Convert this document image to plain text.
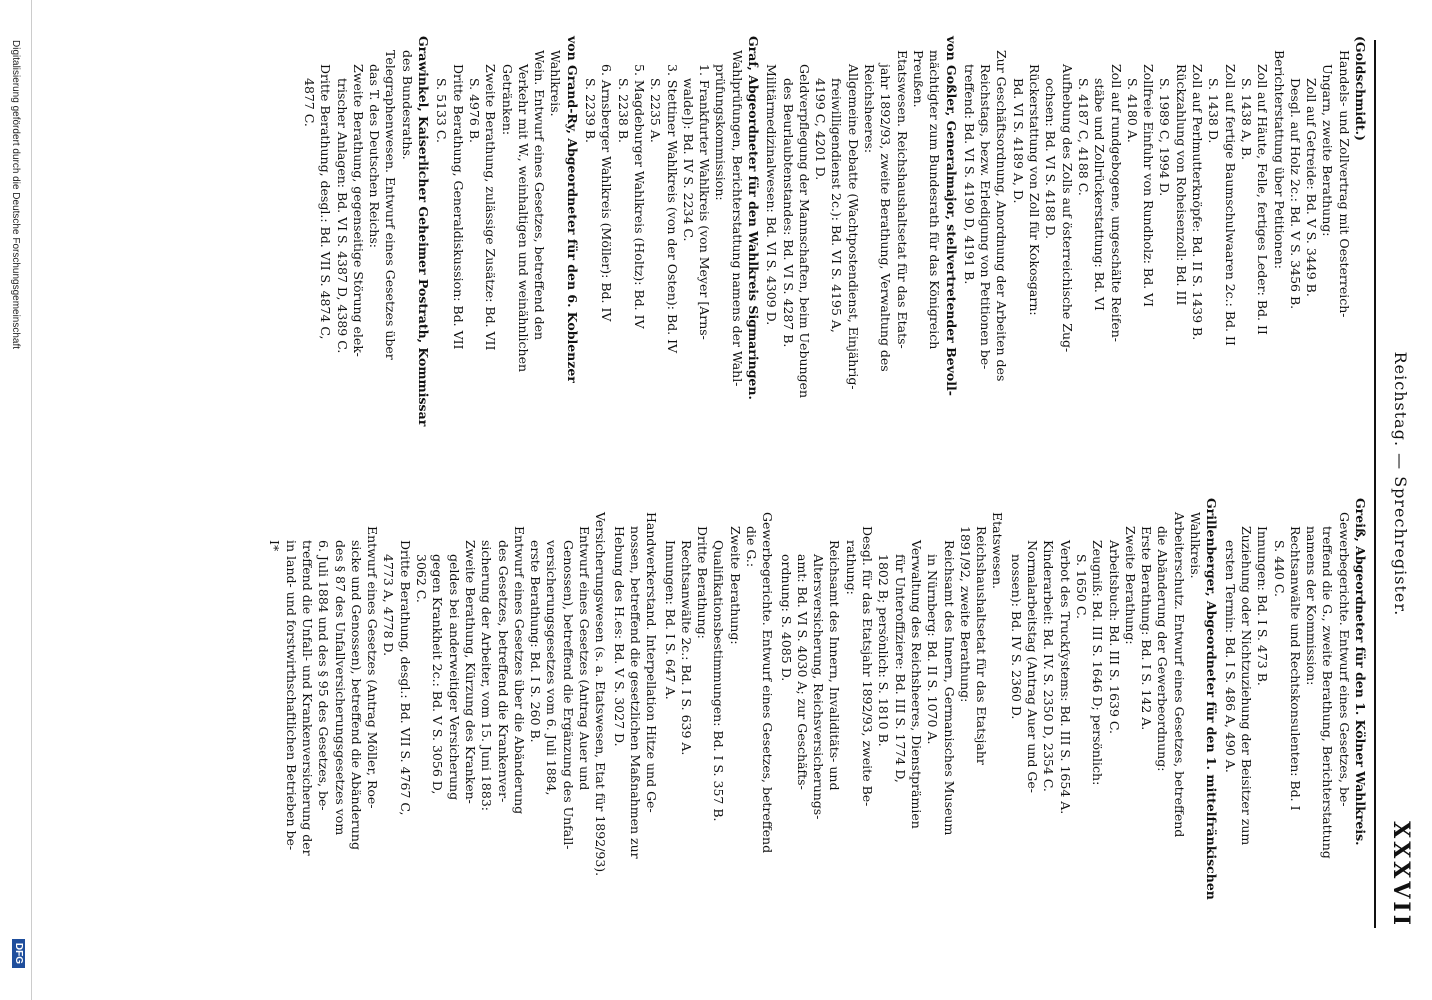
Reichstag. — Sprechregister.
XXXVII
(Goldschmidt.)
Handels- und Zollvertrag mit Oesterreich-
Ungarn, zweite Berathung:
Zoll auf Getreide: Bd. V S. 3449 B.
Desgl. auf Holz 2c.: Bd. V S. 3456 B.
Berichterstattung über Petitionen:
Zoll auf Häute, Felle, fertiges Leder: Bd. II
S. 1438 A, B.
Zoll auf fertige Baumschulwaaren 2c.: Bd. II
S. 1438 D.
Zoll auf Perlmutterknöpfe: Bd. II S. 1439 B.
Rückzahlung von Roheisenzoll: Bd. III
S. 1989 C, 1994 D.
Zollfreie Einfuhr von Rundholz: Bd. VI
S. 4180 A.
Zoll auf rundgebogene, ungeschälte Reifen-
stäbe und Zollrückerstattung: Bd. VI
S. 4187 C, 4188 C.
Aufhebung des Zolls auf österreichische Zug-
ochsen: Bd. VI S. 4188 D.
Rückerstattung von Zoll für Kokosgarn:
Bd. VI S. 4189 A, D.
Zur Geschäftsordnung, Anordnung der Arbeiten des
Reichstags, bezw. Erledigung von Petitionen be-
treffend: Bd. VI S. 4190 D, 4191 B.
von Goßler, Generalmajor, stellvertretender Bevoll-
mächtigter zum Bundesrath für das Königreich
Preußen.
Etatswesen. Reichshaushaltsetat für das Etats-
jahr 1892/93, zweite Berathung, Verwaltung des
Reichsheeres:
Allgemeine Debatte (Wachtpostendienst, Einjährig-
freiwilligendienst 2c.): Bd. VI S. 4195 A,
4199 C, 4201 D.
Geldverpflegung der Mannschaften, beim Uebungen
des Beurlaubtenstandes: Bd. VI S. 4287 B.
Militärmedizinalwesen: Bd. VI S. 4309 D.
Graf, Abgeordneter für den Wahlkreis Sigmaringen.
Wahlprüfungen, Berichterstattung namens der Wahl-
prüfungskommission:
1. Frankfurter Wahlkreis (von Meyer [Arns-
walde]): Bd. IV S. 2234 C.
3. Stettiner Wahlkreis (von der Osten): Bd. IV
S. 2235 A.
5. Magdeburger Wahlkreis (Holtz): Bd. IV
S. 2238 B.
6. Arnsberger Wahlkreis (Möller): Bd. IV
S. 2239 B.
von Grand-Ry, Abgeordneter für den 6. Koblenzer
Wahlkreis.
Wein. Entwurf eines Gesetzes, betreffend den
Verkehr mit W., weinhaltigen und weinähnlichen
Getränken:
Zweite Berathung, zulässige Zusätze: Bd. VII
S. 4976 B.
Dritte Berathung, Generaldiskussion: Bd. VII
S. 5133 C.
Grawinkel, Kaiserlicher Geheimer Postrath, Kommissar
des Bundesraths.
Telegraphenwesen. Entwurf eines Gesetzes über
das T. des Deutschen Reichs:
Zweite Berathung, gegenseitige Störung elek-
trischer Anlagen: Bd. VI S. 4387 D, 4389 C.
Dritte Berathung, desgl.: Bd. VII S. 4874 C,
4877 C.
Greiß, Abgeordneter für den 1. Kölner Wahlkreis.
Gewerbegerichte. Entwurf eines Gesetzes, be-
treffend die G., zweite Berathung, Berichterstattung
namens der Kommission:
Rechtsanwälte und Rechtskonsulenten: Bd. I
S. 440 C.
Innungen: Bd. I S. 473 B.
Zuziehung oder Nichtzuziehung der Beisitzer zum
ersten Termin: Bd. I S. 486 A, 490 A.
Grillenberger, Abgeordneter für den 1. mittelfränkischen
Wahlkreis.
Arbeiterschutz. Entwurf eines Gesetzes, betreffend
die Abänderung der Gewerbeordnung:
Erste Berathung: Bd. I S. 142 A.
Zweite Berathung:
Arbeitsbuch: Bd. III S. 1639 C.
Zeugniß: Bd. III S. 1646 D; persönlich:
S. 1650 C.
Verbot des Truckſystems: Bd. III S. 1654 A.
Kinderarbeit: Bd. IV. S. 2350 D, 2354 C.
Normalarbeitstag (Antrag Auer und Ge-
nossen): Bd. IV S. 2360 D.
Etatswesen.
Reichshaushaltsetat für das Etatsjahr
1891/92, zweite Berathung:
Reichsamt des Innern, Germanisches Museum
in Nürnberg: Bd. II S. 1070 A.
Verwaltung des Reichsheeres, Dienstprämien
für Unteroffiziere: Bd. III S. 1774 D,
1802 B; persönlich: S. 1810 B.
Desgl. für das Etatsjahr 1892/93, zweite Be-
rathung:
Reichsamt des Innern, Invaliditäts- und
Altersversicherung, Reichsversicherungs-
amt: Bd. VI S. 4030 A; zur Geschäfts-
ordnung: S. 4085 D.
Gewerbegerichte. Entwurf eines Gesetzes, betreffend
die G.:
Zweite Berathung:
Qualifikationsbestimmungen: Bd. I S. 357 B.
Dritte Berathung:
Rechtsanwälte 2c.: Bd. I S. 639 A.
Innungen: Bd. I S. 647 A.
Handwerkerstand. Interpellation Hitze und Ge-
nossen, betreffend die gesetzlichen Maßnahmen zur
Hebung des H.es: Bd. V S. 3027 D.
Versicherungswesen (s. a. Etatswesen, Etat für 1892/93).
Entwurf eines Gesetzes (Antrag Auer und
Genossen), betreffend die Ergänzung des Unfall-
versicherungsgesetzes vom 6. Juli 1884,
erste Berathung: Bd. I S. 260 B.
Entwurf eines Gesetzes über die Abänderung
des Gesetzes, betreffend die Krankenver-
sicherung der Arbeiter, vom 15. Juni 1883:
Zweite Berathung, Kürzung des Kranken-
geldes bei anderweitiger Versicherung
gegen Krankheit 2c.: Bd. V S. 3056 D,
3062 C.
Dritte Berathung, desgl.: Bd. VII S. 4767 C,
4773 A, 4778 D.
Entwurf eines Gesetzes (Antrag Möller, Roe-
sicke und Genossen), betreffend die Abänderung
des § 87 des Unfallversicherungsgesetzes vom
6. Juli 1884 und des § 95 des Gesetzes, be-
treffend die Unfall- und Krankenversicherung der
in land- und forstwirthschaftlichen Betrieben be-
I*
Digitalisierung gefördert durch die Deutsche Forschungsgemeinschaft
DFG
